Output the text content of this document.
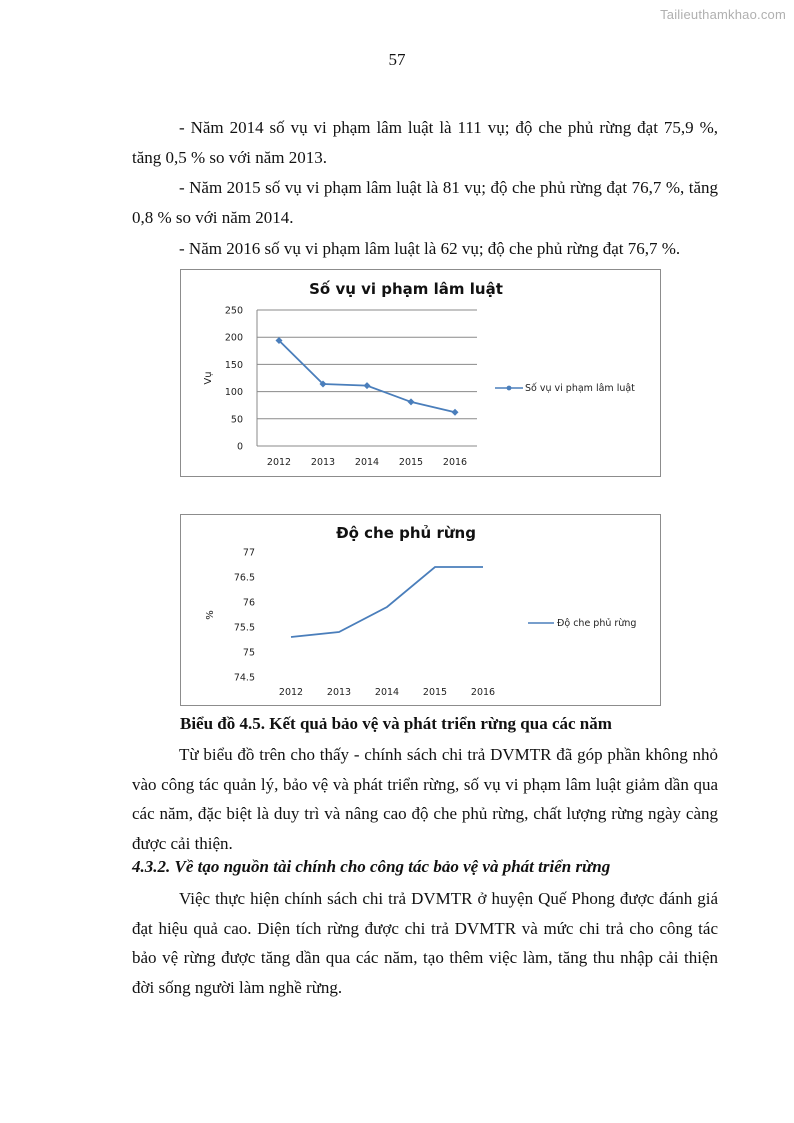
Tailieuthamkhao.com
57

- Năm 2014 số vụ vi phạm lâm luật là 111 vụ; độ che phủ rừng đạt 75,9 %, tăng 0,5 % so với năm 2013.

- Năm 2015 số vụ vi phạm lâm luật là 81 vụ; độ che phủ rừng đạt 76,7 %, tăng 0,8 % so với năm 2014.

- Năm 2016 số vụ vi phạm lâm luật là 62 vụ; độ che phủ rừng đạt 76,7 %.

Số vụ vi phạm lâm luật
Vụ
0
50
100
150
200
250
2012 2013 2014 2015 2016
Số vụ vi phạm lâm luật
Độ che phủ rừng
%
74.5
75
75.5
76
76.5
77
2012	2013	2014	2015	2016
Độ che phủ rừng

Biểu đồ 4.5. Kết quả bảo vệ và phát triển rừng qua các năm

Từ biểu đồ trên cho thấy - chính sách chi trả DVMTR đã góp phần không nhỏ vào công tác quản lý, bảo vệ và phát triển rừng, số vụ vi phạm lâm luật giảm dần qua các năm, đặc biệt là duy trì và nâng cao độ che phủ rừng, chất lượng rừng ngày càng được cải thiện.

4.3.2. Về tạo nguồn tài chính cho công tác bảo vệ và phát triển rừng

Việc thực hiện chính sách chi trả DVMTR ở huyện Quế Phong được đánh giá đạt hiệu quả cao. Diện tích rừng được chi trả DVMTR và mức chi trả cho công tác bảo vệ rừng được tăng dần qua các năm, tạo thêm việc làm, tăng thu nhập cải thiện đời sống người làm nghề rừng.
